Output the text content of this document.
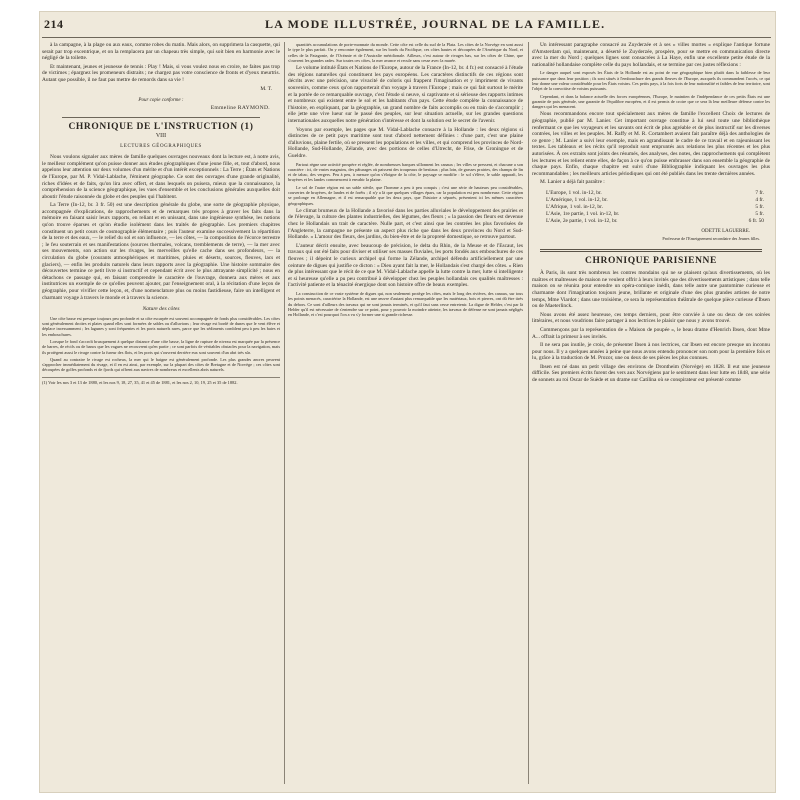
214	LA MODE ILLUSTRÉE, JOURNAL DE LA FAMILLE.

à la campagne, à la plage ou aux eaux, comme robes du matin. Mais alors, on supprimera la casquette, qui serait par trop excentrique, et on la remplacera par un chapeau très simple, qui soit bien en harmonie avec le négligé de la toilette.

Et maintenant, jeunes et jeunesse de tennis : Play ! Mais, si vous voulez nous en croire, ne faites pas trop de victimes ; épargnez les promeneurs distraits ; ne chargez pas votre conscience de fronts et d'yeux meurtris. Autant que possible, il ne faut pas mettre de remords dans sa vie !

M. T.
Pour copie conforme :
Emmeline RAYMOND.
CHRONIQUE DE L'INSTRUCTION (1)
VIII
LECTURES GÉOGRAPHIQUES

Nous voulons signaler aux mères de famille quelques ouvrages nouveaux dont la lecture est, à notre avis, le meilleur complément qu'on puisse donner aux études géographiques d'une jeune fille, et, tout d'abord, nous appelons leur attention sur deux volumes d'un mérite et d'un intérêt exceptionnels : La Terre ; États et Nations de l'Europe, par M. P. Vidal-Lablache, l'éminent géographe. Ce sont des ouvrages d'une grande originalité, riches d'idées et de faits, qu'on lira avec offert, et dans lesquels on puisera, mieux que la connaissance, la compréhension de la science géographique, les vues d'ensemble et les conclusions générales auxquelles doit aboutir l'étude raisonnée du globe et des peuples qui l'habitent.

La Terre (In-12, br. 3 fr. 50) est une description générale du globe, une sorte de géographie physique, accompagnée d'explications, de rapprochements et de remarques très propres à graver les faits dans la mémoire en faisant saisir leurs rapports, en reliant et en unissant, dans une ingénieuse synthèse, les notions qu'on trouve éparses et qu'on étudie isolément dans les traités de géographie. Les premiers chapitres constituent un petit cours de cosmographie élémentaire ; puis l'auteur examine successivement la répartition de la terre et des eaux, — le relief du sol et son influence, — les côtes, — la composition de l'écorce terrestre ; le feu souterrain et ses manifestations (sources thermales, volcans, tremblements de terre), — la mer avec ses mouvements, son action sur les rivages, les merveilles qu'elle cache dans ses profondeurs, — la circulation du globe (courants atmosphériques et maritimes, pluies et déserts, sources, fleuves, lacs et glaciers), — enfin les produits naturels dans leurs rapports avec la géographie. Une histoire sommaire des découvertes termine ce petit livre si instructif et cependant écrit avec le plus attrayante simplicité ; nous en détachons ce passage qui, en faisant comprendre le caractère de l'ouvrage, donnera aux mères et aux institutrices un exemple de ce qu'elles peuvent ajouter, par l'enseignement oral, à la récitation d'une leçon de géographie, pour vivifier cette leçon, et, d'une nomenclature plus ou moins fastidieuse, faire un intelligent et charmant voyage à travers le monde et à travers la science.

Nature des côtes

Une côte basse est presque toujours peu profonde et sa côte escarpée est souvent accompagnée de fonds plus considérables. Les côtes sont généralement droites et plates quand elles sont formées de sables ou d'alluvions ; leur rivage est bordé de dunes que le vent élève et déplace incessamment ; les lagunes y sont fréquentes et les ports naturels rares, parce que les sédiments comblent peu à peu les baies et les embouchures.

Lorsque le fond s'accroît brusquement à quelque distance d'une côte basse, la ligne de rupture de niveau est marquée par la présence de barres, de récifs ou de bancs que les vagues ne recouvrent qu'en partie ; ce sont parfois de véritables obstacles pour la navigation, mais ils protègent aussi le rivage contre la fureur des flots, et les ports qui s'ouvrent derrière eux sont souvent d'un abri très sûr.

Quand au contraire le rivage est rocheux, la mer qui le baigne est généralement profonde. Les plus grandes ancres peuvent s'approcher immédiatement du rivage, et il en est ainsi, par exemple, sur la plupart des côtes de Bretagne et de Norvège ; ces côtes sont découpées de golfes profonds et de fjords qui offrent aux navires de nombreux et excellents abris naturels.

(1) Voir les nos 3 et 13 de 1880, et les nos 9, 18, 27, 35, 41 et 45 de 1881, et les nos 2, 10, 19, 25 et 35 de 1882.

quantités accumulations de porte-monnaie du monde. Cette côte est celle du sud de la Plata. Les côtes de la Norvège en sont aussi le type le plus parfait. On y rencontre également, sur les bords du Pacifique, ces côtes hautes et découpées de l'Amérique du Nord, et celles de la Patagonie, de l'Océanie et de l'Australie méridionale. Ailleurs, c'est autour de rivages bas, sur les côtes de Chine, que s'ouvrent les grandes rades. Sur toutes ces côtes, la mer avance et recule sans cesse avec la marée.

Le volume intitulé États et Nations de l'Europe, autour de la France (In-12, br. 4 fr.) est consacré à l'étude des régions naturelles qui constituent les pays européens. Les caractères distinctifs de ces régions sont décrits avec une précision, une vivacité de coloris qui frappent l'imagination et y impriment de vivants souvenirs, comme ceux qu'on rapporterait d'un voyage à travers l'Europe ; mais ce qui fait surtout le mérite et la portée de ce remarquable ouvrage, c'est l'étude si neuve, si captivante et si sérieuse des rapports intimes et nombreux qui existent entre le sol et les habitants d'un pays. Cette étude complète la connaissance de l'histoire, en expliquant, par la géographie, un grand nombre de faits accomplis ou en train de s'accomplir ; elle jette une vive lueur sur le passé des peuples, sur leur situation actuelle, sur les grandes questions internationales auxquelles notre génération s'intéresse et dont la solution est le secret de l'avenir.

Voyons par exemple, les pages que M. Vidal-Lablache consacre à la Hollande : les deux régions si distinctes de ce petit pays maritime sont tout d'abord nettement définies : d'une part, c'est une plaine d'alluvions, plaine fertile, où se pressent les populations et les villes, et qui comprend les provinces de Nord-Hollande, Sud-Hollande, Zélande, avec des portions de celles d'Utrecht, de Frise, de Groningue et de Gueldre.

Partout règne une activité prospère et réglée, de nombreuses barques sillonnent les canaux ; les villes se pressent, et chacune a son caractère : ici, de vastes magasins, des pâturages où paissent des troupeaux de bestiaux ; plus loin, de grasses prairies, des champs de lin et de tabac, des vergers. Peu à peu, à mesure qu'on s'éloigne de la côte, le paysage se modifie : le sol s'élève, le sable apparaît, les bruyères et les landes commencent à envahir la plaine.

Le sol de l'autre région est un sable stérile, que l'homme a peu à peu conquis ; c'est une série de hauteurs peu considérables, couvertes de bruyères, de landes et de forêts ; il n'y a là que quelques villages épars, car la population est peu nombreuse. Cette région se prolonge en Allemagne, et il est remarquable que les deux pays, que l'histoire a séparés, présentent ici les mêmes caractères géographiques.

Le climat brumeux de la Hollande a favorisé dans les parties alluviales le développement des prairies et de l'élevage, la culture des plantes industrielles, des légumes, des fleurs ; « la passion des fleurs est devenue chez le Hollandais un trait de caractère. Nulle part, et c'est ainsi que les contrées les plus favorisées de l'Angleterre, la campagne ne présente un aspect plus riche que dans les deux provinces du Nord et Sud-Hollande. » L'amour des fleurs, des jardins, du bien-être et de la propreté domestique, se retrouve partout.

L'auteur décrit ensuite, avec beaucoup de précision, le delta du Rhin, de la Meuse et de l'Escaut, les travaux qui ont été faits pour diviser et utiliser ses masses fluviales, les ports fondés aux embouchures de ces fleuves ; il dépeint le curieux archipel qui forme la Zélande, archipel défendu artificiellement par une ceinture de digues qui justifie ce dicton : « Dieu ayant fait la mer, le Hollandais s'est chargé des côtes. » Rien de plus intéressant que le récit de ce que M. Vidal-Lablache appelle la lutte contre la mer, lutte si intelligente et si heureuse qu'elle a pu peu contribué à développer chez les peuples hollandais ces qualités maîtresses : l'activité patiente et la ténacité énergique dont son histoire offre de beaux exemples.

La construction de ce vaste système de digues qui, non seulement protège les côtes, mais le long des rivières, des canaux, sur tous les points menacés, caractérise la Hollande, est une œuvre d'autant plus remarquable que les matériaux, bois et pierres, ont dû être tirés du dehors. Ce sont d'ailleurs des travaux qui ne sont jamais terminés, et qu'il faut sans cesse entretenir. La digue de Helder, c'est par là Helder qu'il est nécessaire de s'entendre sur ce point, pour y pouvoir la moindre atteinte, les travaux de défense ne sont jamais négligés en Hollande, et c'est pourquoi l'on a vu s'y former une si grande richesse.

Un intéressant paragraphe consacré au Zuyderzée et à ses « villes mortes » explique l'antique fortune d'Amsterdam qui, maintenant, a déserté le Zuyderzée, prospère, pour se mettre en communication directe avec la mer du Nord ; quelques lignes sont consacrées à La Haye, enfin une excellente petite étude de la nationalité hollandaise complète celle du pays hollandais, et se termine par ces justes réflexions :

Le danger auquel sont exposés les États de la Hollande est au point de vue géographique bien plutôt dans la faiblesse de leur puissance que dans leur position ; ils sont situés à l'embouchure des grands fleuves de l'Europe, auxquels ils commandent l'accès, ce qui leur donne une valeur considérable pour les États voisins. Ces petits pays, à la fois forts de leur nationalité et faibles de leur territoire, sont l'objet de la convoitise de voisins puissants.

Cependant, et dans la balance actuelle des forces européennes, l'Europe, le maintien de l'indépendance de ces petits États est une garantie de paix générale, une garantie de l'équilibre européen, et il est permis de croire que ce sera là leur meilleure défense contre les dangers qui les menacent.

Nous recommandons encore tout spécialement aux mères de famille l'excellent Choix de lectures de géographie, publié par M. Lanier. Cet important ouvrage constitue à lui seul toute une bibliothèque renfermant ce que les voyageurs et les savants ont écrit de plus agréable et de plus instructif sur les diverses contrées, les villes et les peuples. M. Raffy et M. R. Cortambert avaient fait paraître déjà des anthologies de ce genre ; M. Lanier a suivi leur exemple, mais en agrandissant le cadre de ce travail et en rajeunissant les textes. Les tableaux et les récits qu'il reproduit sont empruntés aux relations les plus récentes et les plus autorisées. À ces extraits sont joints des résumés, des analyses, des notes, des rapprochements qui complètent les lectures et les relient entre elles, de façon à ce qu'on puisse embrasser dans son ensemble la géographie de chaque pays. Enfin, chaque chapitre est suivi d'une Bibliographie indiquant les ouvrages les plus recommandables ; les meilleurs articles périodiques qui ont été publiés dans les trente dernières années.

M. Lanier a déjà fait paraître :

L'Europe, 1 vol. in-12, br.	7 fr.
L'Amérique, 1 vol. in-12, br.	4 fr.
L'Afrique, 1 vol. in-12, br.	5 fr.
L'Asie, 1re partie, 1 vol. in-12, br.	5 fr.
L'Asie, 2e partie, 1 vol. in-12, br.	6 fr. 50
ODETTE LAGUERRE.
Professeur de l'Enseignement secondaire des Jeunes filles.
CHRONIQUE PARISIENNE

À Paris, ils sont très nombreux les contres mondains qui ne se plaisent qu'aux divertissements, où les maîtres et maîtresses de maison ne veulent offrir à leurs invités que des divertissements artistiques ; dans telle maison on se réunira pour entendre un opéra-comique inédit, dans telle autre une pantomime curieuse et charmante dont l'imagination toujours jeune, brillante et originale d'une des plus grandes artistes de notre temps, Mme Viardot ; dans une troisième, ce sera la représentation théâtrale de quelque pièce curieuse d'Ibsen ou de Maeterlinck.

Nous avons été assez heureuse, ces temps derniers, pour être conviée à une ou deux de ces soirées littéraires, et nous voudrions faire partager à nos lectrices le plaisir que nous y avons trouvé.

Commençons par la représentation de « Maison de poupée », le beau drame d'Henrich Ibsen, dont Mme A... offrait la primeur à ses invités.

Il ne sera pas inutile, je crois, de présenter Ibsen à nos lectrices, car Ibsen est encore presque un inconnu pour nous. Il y a quelques années à peine que nous avons entendu prononcer son nom pour la première fois et lu, grâce à la traduction de M. Prozor, une ou deux de ses pièces les plus connues.

Ibsen est né dans un petit village des environs de Drontheim (Norvège) en 1828. Il eut une jeunesse difficile. Ses premiers écrits furent des vers aux Norvégiens par le sentiment dans leur lutte en 1848, une série de sonnets au roi Oscar de Suède et un drame sur Catilina où se conspirateur est présenté comme
